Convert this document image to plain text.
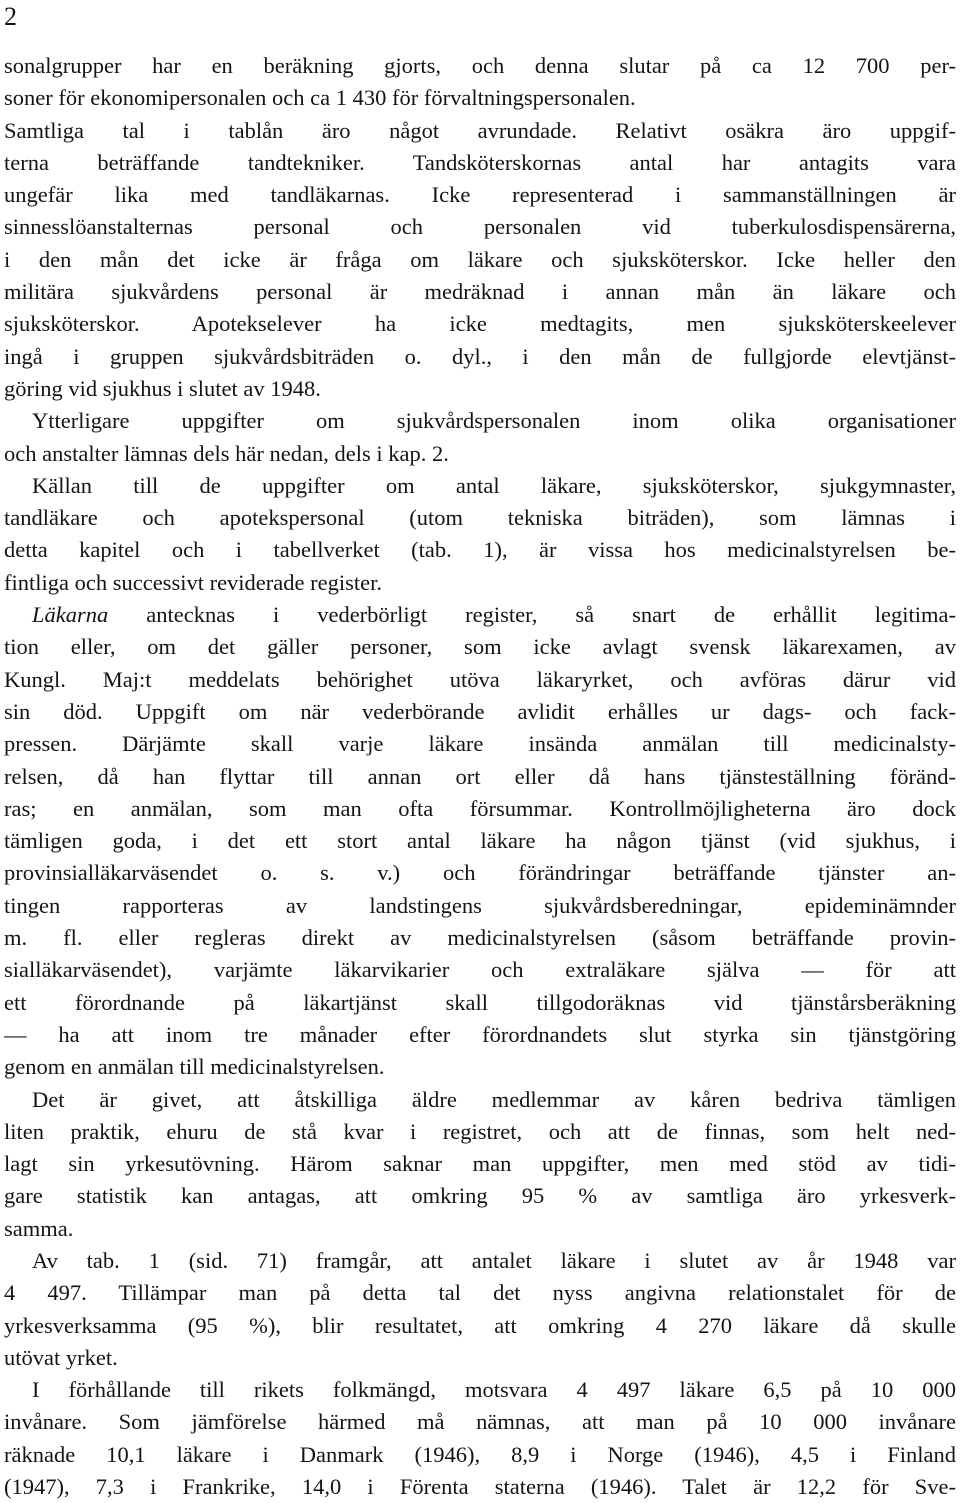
2
sonalgrupper har en beräkning gjorts, och denna slutar på ca 12 700 per-
soner för ekonomipersonalen och ca 1 430 för förvaltningspersonalen.
Samtliga tal i tablån äro något avrundade. Relativt osäkra äro uppgif-
terna beträffande tandtekniker. Tandsköterskornas antal har antagits vara
ungefär lika med tandläkarnas. Icke representerad i sammanställningen är
sinnesslöanstalternas personal och personalen vid tuberkulosdispensärerna,
i den mån det icke är fråga om läkare och sjuksköterskor. Icke heller den
militära sjukvårdens personal är medräknad i annan mån än läkare och
sjuksköterskor. Apotekselever ha icke medtagits, men sjuksköterskeelever
ingå i gruppen sjukvårdsbiträden o. dyl., i den mån de fullgjorde elevtjänst-
göring vid sjukhus i slutet av 1948.
Ytterligare uppgifter om sjukvårdspersonalen inom olika organisationer
och anstalter lämnas dels här nedan, dels i kap. 2.
Källan till de uppgifter om antal läkare, sjuksköterskor, sjukgymnaster,
tandläkare och apotekspersonal (utom tekniska biträden), som lämnas i
detta kapitel och i tabellverket (tab. 1), är vissa hos medicinalstyrelsen be-
fintliga och successivt reviderade register.
Läkarna antecknas i vederbörligt register, så snart de erhållit legitima-
tion eller, om det gäller personer, som icke avlagt svensk läkarexamen, av
Kungl. Maj:t meddelats behörighet utöva läkaryrket, och avföras därur vid
sin död. Uppgift om när vederbörande avlidit erhålles ur dags- och fack-
pressen. Därjämte skall varje läkare insända anmälan till medicinalsty-
relsen, då han flyttar till annan ort eller då hans tjänsteställning föränd-
ras; en anmälan, som man ofta försummar. Kontrollmöjligheterna äro dock
tämligen goda, i det ett stort antal läkare ha någon tjänst (vid sjukhus, i
provinsialläkarväsendet o. s. v.) och förändringar beträffande tjänster an-
tingen rapporteras av landstingens sjukvårdsberedningar, epideminämnder
m. fl. eller regleras direkt av medicinalstyrelsen (såsom beträffande provin-
sialläkarväsendet), varjämte läkarvikarier och extraläkare själva — för att
ett förordnande på läkartjänst skall tillgodoräknas vid tjänstårsberäkning
— ha att inom tre månader efter förordnandets slut styrka sin tjänstgöring
genom en anmälan till medicinalstyrelsen.
Det är givet, att åtskilliga äldre medlemmar av kåren bedriva tämligen
liten praktik, ehuru de stå kvar i registret, och att de finnas, som helt ned-
lagt sin yrkesutövning. Härom saknar man uppgifter, men med stöd av tidi-
gare statistik kan antagas, att omkring 95 % av samtliga äro yrkesverk-
samma.
Av tab. 1 (sid. 71) framgår, att antalet läkare i slutet av år 1948 var
4 497. Tillämpar man på detta tal det nyss angivna relationstalet för de
yrkesverksamma (95 %), blir resultatet, att omkring 4 270 läkare då skulle
utövat yrket.
I förhållande till rikets folkmängd, motsvara 4 497 läkare 6,5 på 10 000
invånare. Som jämförelse härmed må nämnas, att man på 10 000 invånare
räknade 10,1 läkare i Danmark (1946), 8,9 i Norge (1946), 4,5 i Finland
(1947), 7,3 i Frankrike, 14,0 i Förenta staterna (1946). Talet är 12,2 för Sve-
